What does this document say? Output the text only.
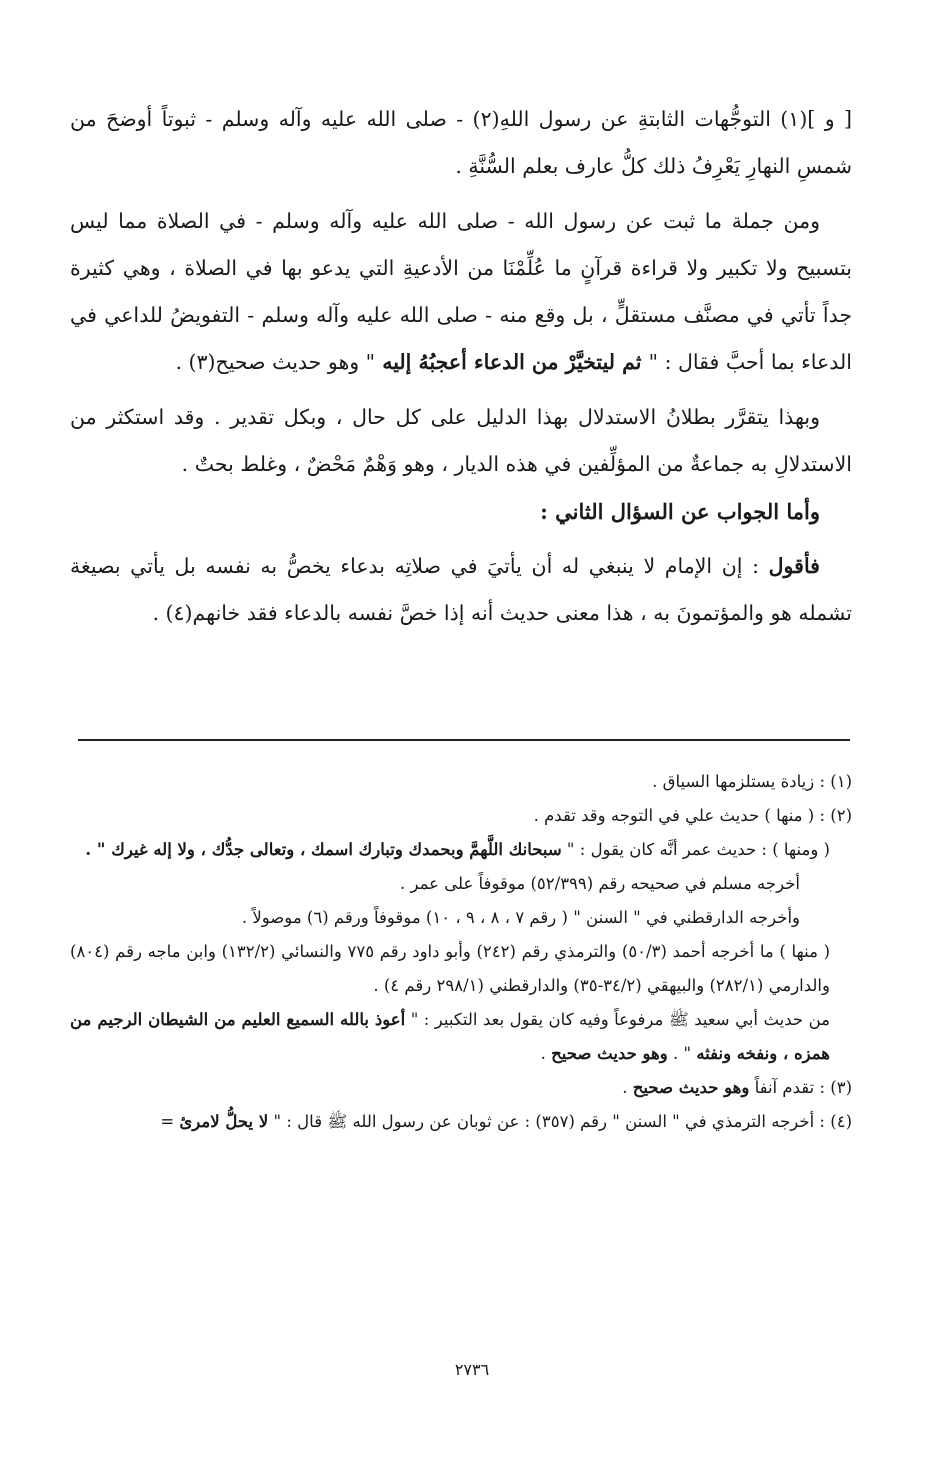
[ و ](١) التوجُّهات الثابتةِ عن رسول اللهِ(٢) - صلى الله عليه وآله وسلم - ثبوتاً أوضحَ من شمسِ النهارِ يَعْرِفُ ذلك كلُّ عارف بعلم السُّنَّةِ .

ومن جملة ما ثبت عن رسول الله - صلى الله عليه وآله وسلم - في الصلاة مما ليس بتسبيح ولا تكبير ولا قراءة قرآنٍ ما عُلِّمْنَا من الأدعيةِ التي يدعو بها في الصلاة ، وهي كثيرة جداً تأتي في مصنَّف مستقلٍّ ، بل وقع منه - صلى الله عليه وآله وسلم - التفويضُ للداعي في الدعاء بما أحبَّ فقال : " ثم ليتخيَّرْ من الدعاء أعجبُهُ إليه " وهو حديث صحيح(٣) .

وبهذا يتقرَّر بطلانُ الاستدلال بهذا الدليل على كل حال ، وبكل تقدير . وقد استكثر من الاستدلالِ به جماعةٌ من المؤلِّفين في هذه الديار ، وهو وَهْمٌ مَحْضٌ ، وغلط بحتٌ .

وأما الجواب عن السؤال الثاني :

فأقول : إن الإمام لا ينبغي له أن يأتيَ في صلاتِه بدعاء يخصُّ به نفسه بل يأتي بصيغة تشمله هو والمؤتمونَ به ، هذا معنى حديث أنه إذا خصَّ نفسه بالدعاء فقد خانهم(٤) .

(١) : زيادة يستلزمها السياق .

(٢) : ( منها ) حديث علي في التوجه وقد تقدم .

( ومنها ) : حديث عمر أنَّه كان يقول : " سبحانك اللَّهمَّ وبحمدك وتبارك اسمك ، وتعالى جدُّك ، ولا إله غيرك " .

أخرجه مسلم في صحيحه رقم (٥٢/٣٩٩) موقوفاً على عمر .

وأخرجه الدارقطني في " السنن " ( رقم ٧ ، ٨ ، ٩ ، ١٠) موقوفاً ورقم (٦) موصولاً .

( منها ) ما أخرجه أحمد (٥٠/٣) والترمذي رقم (٢٤٢) وأبو داود رقم ٧٧٥ والنسائي (١٣٢/٢) وابن ماجه رقم (٨٠٤) والدارمي (٢٨٢/١) والبيهقي (٣٤/٢-٣٥) والدارقطني (٢٩٨/١ رقم ٤) .

من حديث أبي سعيد ﷺ مرفوعاً وفيه كان يقول بعد التكبير : " أعوذ بالله السميع العليم من الشيطان الرجيم من همزه ، ونفخه ونفثه " . وهو حديث صحيح .

(٣) : تقدم آنفاً وهو حديث صحيح .

(٤) : أخرجه الترمذي في " السنن " رقم (٣٥٧) : عن ثوبان عن رسول الله ﷺ قال : " لا يحلُّ لامرئ =

٢٧٣٦
